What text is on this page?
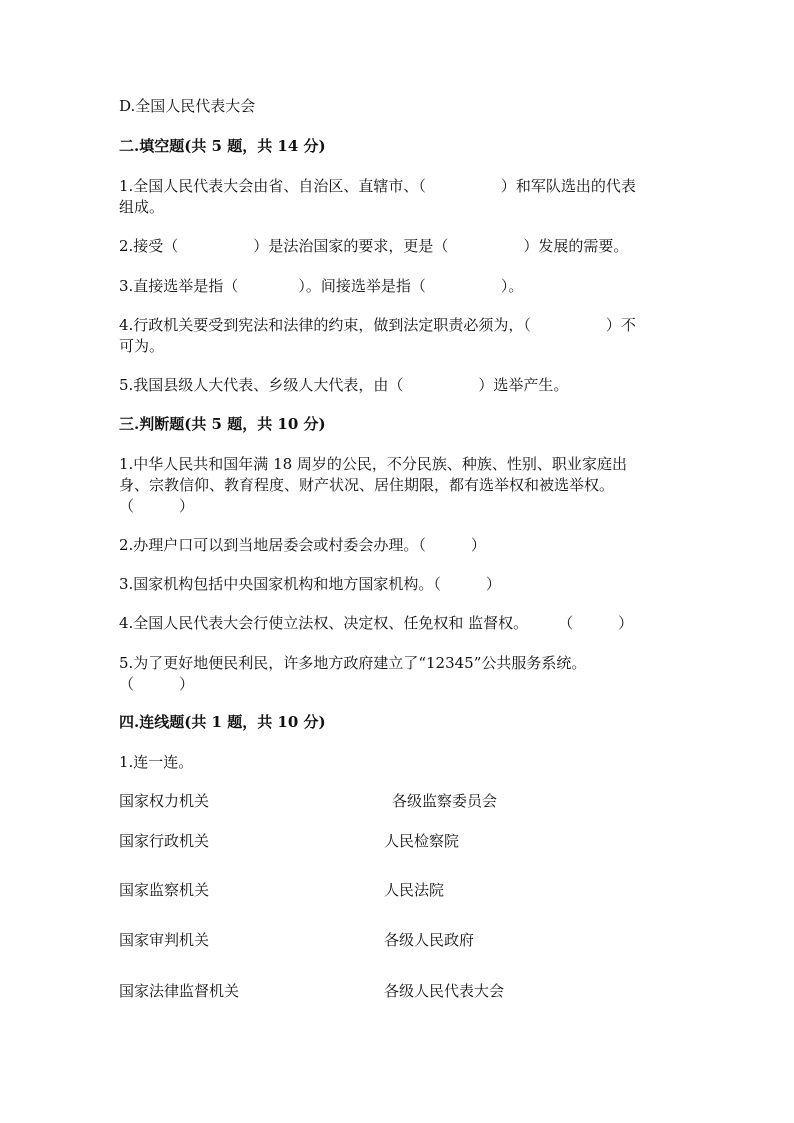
D.全国人民代表大会
二.填空题(共 5 题，共 14 分)
1.全国人民代表大会由省、自治区、直辖市、（　　　　　）和军队选出的代表
组成。
2.接受（　　　　　）是法治国家的要求，更是（　　　　　）发展的需要。
3.直接选举是指（　　　　）。间接选举是指（　　　　　）。
4.行政机关要受到宪法和法律的约束，做到法定职责必须为，（　　　　　）不
可为。
5.我国县级人大代表、乡级人大代表，由（　　　　　）选举产生。
三.判断题(共 5 题，共 10 分)
1.中华人民共和国年满 18 周岁的公民，不分民族、种族、性别、职业家庭出
身、宗教信仰、教育程度、财产状况、居住期限，都有选举权和被选举权。
（　　　）
2.办理户口可以到当地居委会或村委会办理。（　　　）
3.国家机构包括中央国家机构和地方国家机构。（　　　）
4.全国人民代表大会行使立法权、决定权、任免权和 监督权。　　　（　　　）
5.为了更好地便民利民，许多地方政府建立了“12345”公共服务系统。
（　　　）
四.连线题(共 1 题，共 10 分)
1.连一连。
国家权力机关
国家行政机关
国家监察机关
国家审判机关
国家法律监督机关
各级监察委员会
人民检察院
人民法院
各级人民政府
各级人民代表大会
